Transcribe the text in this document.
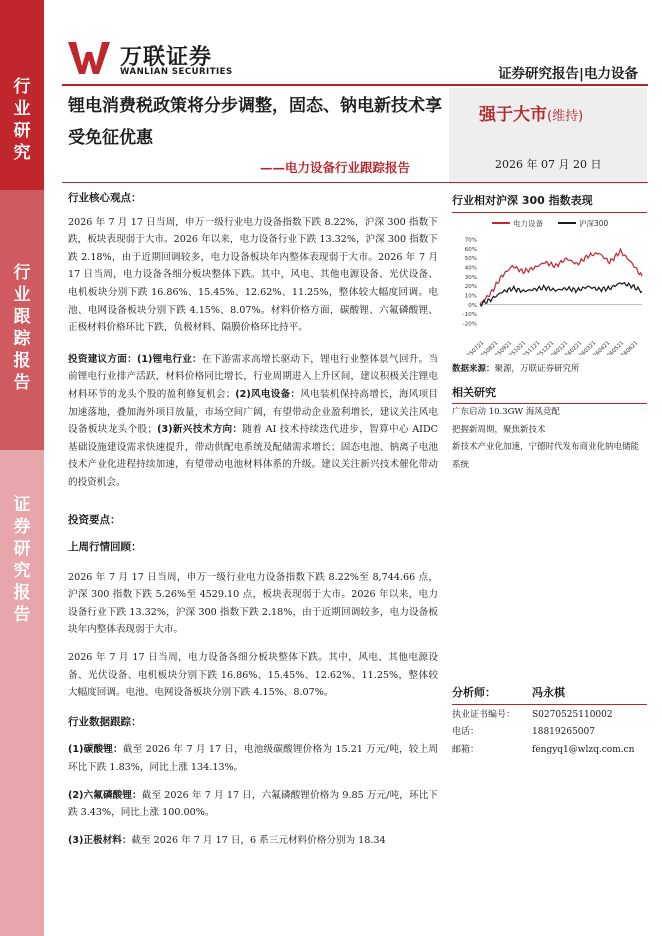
行
业
研
究
行
业
跟
踪
报
告
证
券
研
究
报
告
万联证券
WANLIAN SECURITIES	证券研究报告|电力设备
锂电消费税政策将分步调整，固态、钠电新技术享受免征优惠
——电力设备行业跟踪报告
强于大市(维持)
2026 年 07 月 20 日
行业核心观点：

2026 年 7 月 17 日当周，申万一级行业电力设备指数下跌 8.22%，沪深 300 指数下跌，板块表现弱于大市。2026 年以来，电力设备行业下跌 13.32%，沪深 300 指数下跌 2.18%，由于近期回调较多，电力设备板块年内整体表现弱于大市。2026 年 7 月 17 日当周，电力设备各细分板块整体下跌。其中，风电、其他电源设备、光伏设备、电机板块分别下跌 16.86%、15.45%、12.62%、11.25%，整体较大幅度回调。电池、电网设备板块分别下跌 4.15%、8.07%。材料价格方面，碳酸锂、六氟磷酸锂、正极材料价格环比下跌，负极材料、隔膜价格环比持平。

投资建议方面：(1)锂电行业：在下游需求高增长驱动下，锂电行业整体景气回升。当前锂电行业排产活跃，材料价格同比增长，行业周期进入上升区间，建议积极关注锂电材料环节的龙头个股的盈利修复机会；(2)风电设备：风电装机保持高增长，海风项目加速落地，叠加海外项目放量，市场空间广阔，有望带动企业盈利增长，建议关注风电设备板块龙头个股；(3)新兴技术方向：随着 AI 技术持续迭代进步，智算中心 AIDC 基础设施建设需求快速提升，带动供配电系统及配储需求增长；固态电池、钠离子电池技术产业化进程持续加速，有望带动电池材料体系的升级。建议关注新兴技术催化带动的投资机会。

投资要点：
上周行情回顾：

2026 年 7 月 17 日当周，申万一级行业电力设备指数下跌 8.22%至 8,744.66 点，沪深 300 指数下跌 5.26%至 4529.10 点，板块表现弱于大市。2026 年以来，电力设备行业下跌 13.32%，沪深 300 指数下跌 2.18%，由于近期回调较多，电力设备板块年内整体表现弱于大市。

2026 年 7 月 17 日当周，电力设备各细分板块整体下跌。其中，风电、其他电源设备、光伏设备、电机板块分别下跌 16.86%、15.45%、12.62%、11.25%，整体较大幅度回调。电池、电网设备板块分别下跌 4.15%、8.07%。

行业数据跟踪：

(1)碳酸锂：截至 2026 年 7 月 17 日，电池级碳酸锂价格为 15.21 万元/吨，较上周环比下跌 1.83%，同比上涨 134.13%。

(2)六氟磷酸锂：截至 2026 年 7 月 17 日，六氟磷酸锂价格为 9.85 万元/吨，环比下跌 3.43%，同比上涨 100.00%。

(3)正极材料：截至 2026 年 7 月 17 日，6 系三元材料价格分别为 18.34

行业相对沪深 300 指数表现
电力设备	沪深300
70%
60%
50%
40%
30%
20%
10%
0%
-10%
-20%
250721
250821
250921
251021
251121
251221
260121
260221
260321
260421
260521
260621
数据来源：聚源，万联证券研究所
相关研究
广东启动 10.3GW 海风竞配
把握新周期，聚焦新技术
新技术产业化加速，宁德时代发布商业化钠电储能系统
分析师：	冯永棋
执业证书编号：	S0270525110002
电话：	18819265007
邮箱：	fengyq1@wlzq.com.cn
